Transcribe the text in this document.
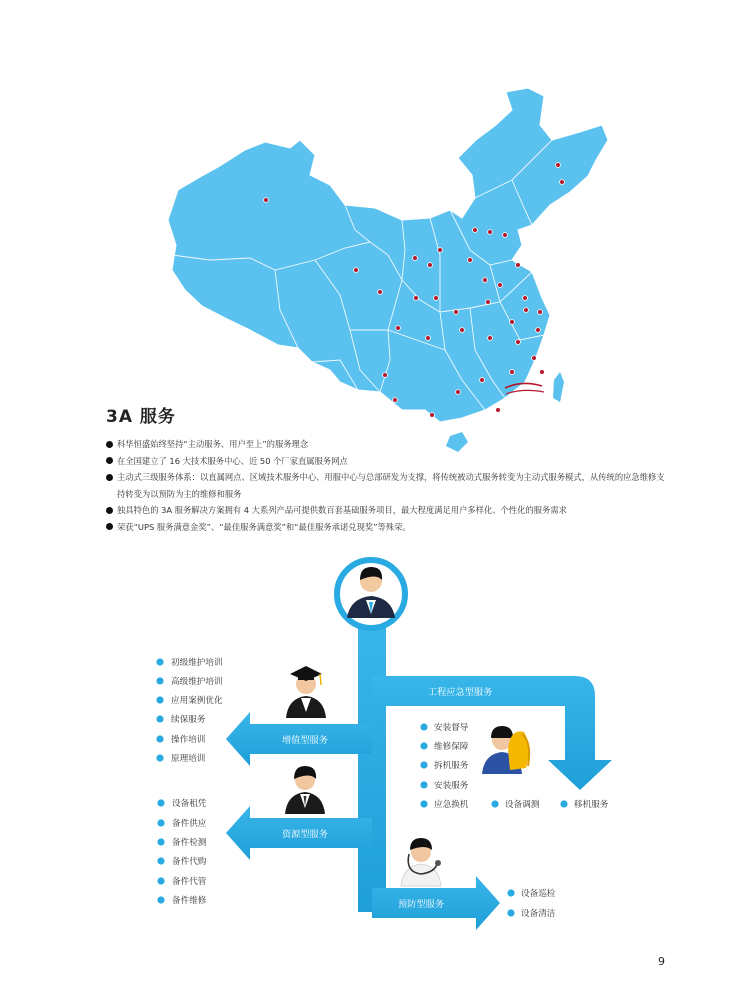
3A 服务
科华恒盛始终坚持“主动服务、用户至上”的服务理念
在全国建立了 16 大技术服务中心、近 50 个厂家直属服务网点
主动式三级服务体系：以直属网点、区域技术服务中心、用服中心与总部研发为支撑，将传统被动式服务转变为主动式服务模式，从传统的应急维修支持转变为以预防为主的维修和服务
独具特色的 3A 服务解决方案拥有 4 大系列产品可提供数百套基础服务项目，最大程度满足用户多样化、个性化的服务需求
荣获“UPS 服务满意金奖”、“最佳服务满意奖”和“最佳服务承诺兑现奖”等殊荣。
工程应急型服务
增值型服务
资源型服务
预防型服务
初级维护培训
高级维护培训
应用案例优化
续保服务
操作培训
原理培训
安装督导
维修保障
拆机服务
安装服务
应急换机	设备调测	移机服务
设备租凭
备件供应
备件检测
备件代购
备件代管
备件维修
设备巡检
设备清洁
9
